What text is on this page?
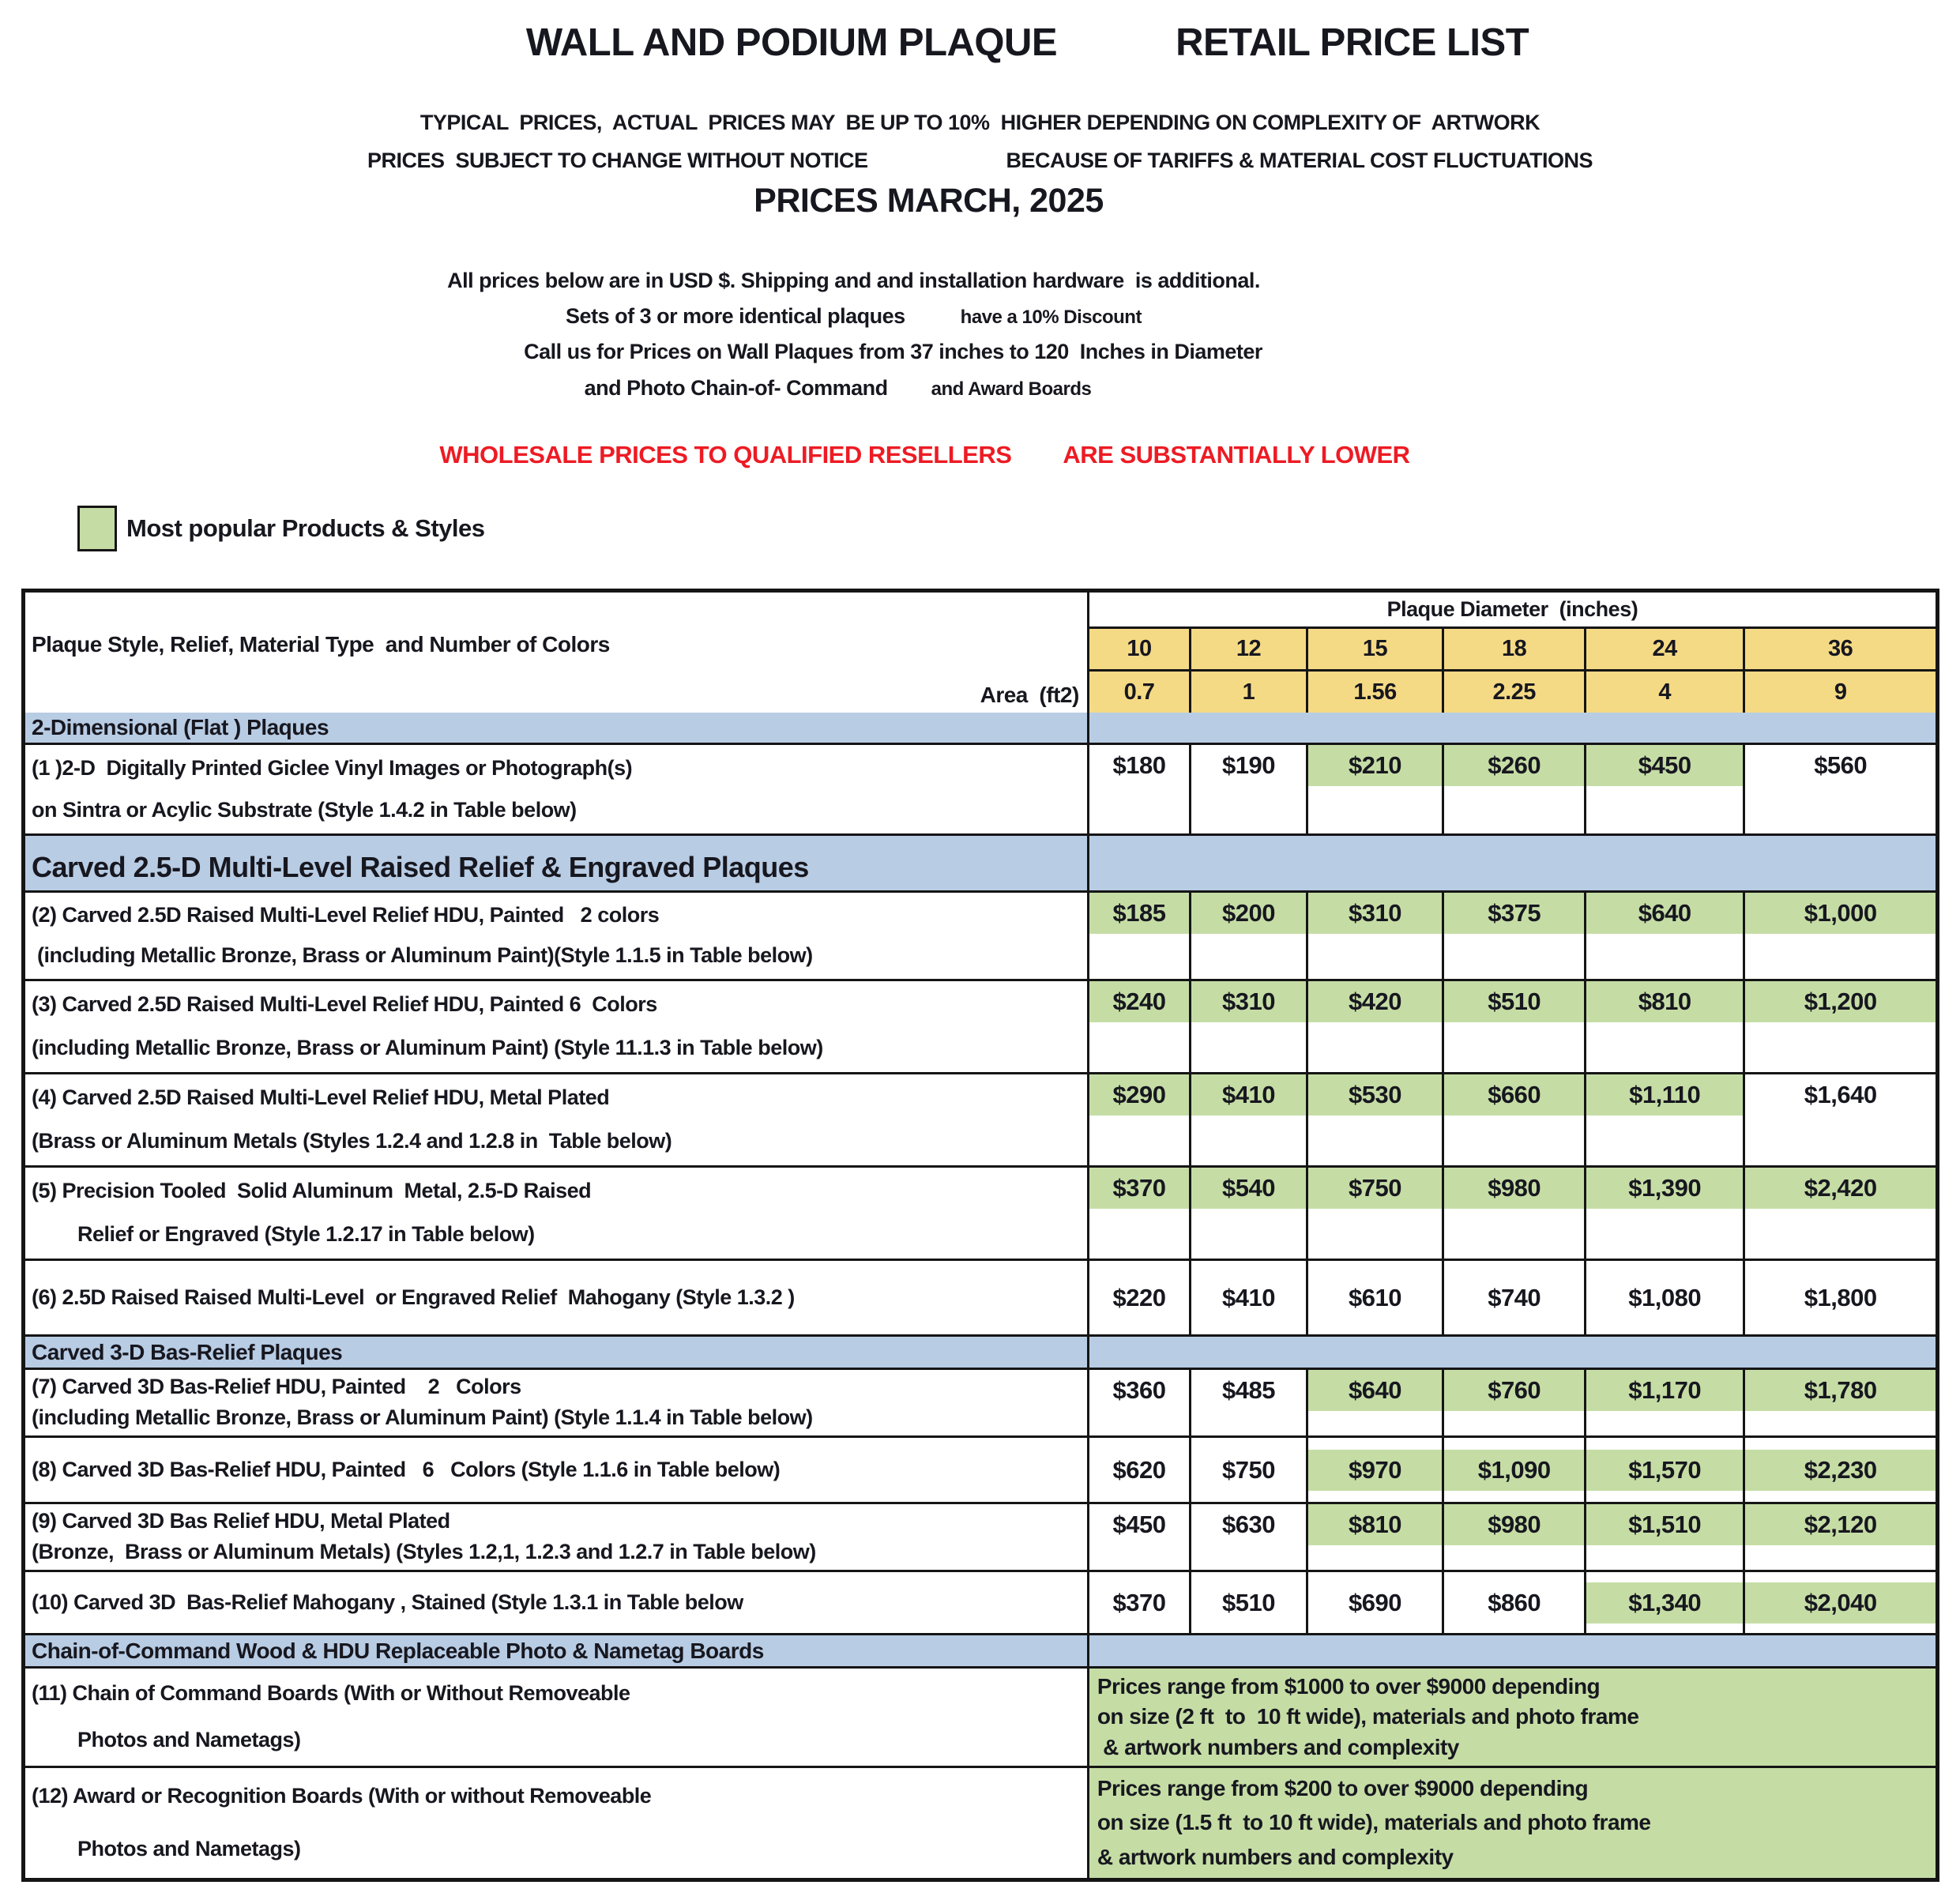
WALL AND PODIUM PLAQUE	RETAIL PRICE LIST
TYPICAL  PRICES,  ACTUAL  PRICES MAY  BE UP TO 10%  HIGHER DEPENDING ON COMPLEXITY OF  ARTWORK
PRICES  SUBJECT TO CHANGE WITHOUT NOTICE	BECAUSE OF TARIFFS & MATERIAL COST FLUCTUATIONS
PRICES MARCH, 2025
All prices below are in USD $. Shipping and and installation hardware  is additional.
Sets of 3 or more identical plaques	have a 10% Discount
Call us for Prices on Wall Plaques from 37 inches to 120  Inches in Diameter
and Photo Chain-of- Command and Award Boards
WHOLESALE PRICES TO QUALIFIED RESELLERS ARE SUBSTANTIALLY LOWER
Most popular Products & Styles
Plaque Style, Relief, Material Type  and Number of Colors
Area  (ft2)
Plaque Diameter  (inches)
10	12	15	18	24	36
0.7	1	1.56	2.25	4	9
2-Dimensional (Flat ) Plaques
(1 )2-D  Digitally Printed Giclee Vinyl Images or Photograph(s)
on Sintra or Acylic Substrate (Style 1.4.2 in Table below)
$180 $190	$210	$260	$450	$560
Carved 2.5-D Multi-Level Raised Relief & Engraved Plaques
(2) Carved 2.5D Raised Multi-Level Relief HDU, Painted   2 colors
(including Metallic Bronze, Brass or Aluminum Paint)(Style 1.1.5 in Table below)
$185 $200	$310	$375	$640	$1,000
(3) Carved 2.5D Raised Multi-Level Relief HDU, Painted 6  Colors
(including Metallic Bronze, Brass or Aluminum Paint) (Style 11.1.3 in Table below)
$240 $310	$420	$510	$810	$1,200
(4) Carved 2.5D Raised Multi-Level Relief HDU, Metal Plated
(Brass or Aluminum Metals (Styles 1.2.4 and 1.2.8 in  Table below)
$290 $410	$530	$660	$1,110	$1,640
(5) Precision Tooled  Solid Aluminum  Metal, 2.5-D Raised
Relief or Engraved (Style 1.2.17 in Table below)
$370 $540	$750	$980	$1,390	$2,420
(6) 2.5D Raised Raised Multi-Level  or Engraved Relief  Mahogany (Style 1.3.2 )	$220 $410	$610	$740	$1,080	$1,800
Carved 3-D Bas-Relief Plaques
(7) Carved 3D Bas-Relief HDU, Painted    2   Colors
(including Metallic Bronze, Brass or Aluminum Paint) (Style 1.1.4 in Table below)
$360 $485	$640	$760	$1,170	$1,780
(8) Carved 3D Bas-Relief HDU, Painted   6   Colors (Style 1.1.6 in Table below)	$620 $750	$970	$1,090	$1,570	$2,230
(9) Carved 3D Bas Relief HDU, Metal Plated
(Bronze,  Brass or Aluminum Metals) (Styles 1.2,1, 1.2.3 and 1.2.7 in Table below)
$450 $630	$810	$980	$1,510	$2,120
(10) Carved 3D  Bas-Relief Mahogany , Stained (Style 1.3.1 in Table below	$370 $510	$690	$860	$1,340	$2,040
Chain-of-Command Wood & HDU Replaceable Photo & Nametag Boards
(11) Chain of Command Boards (With or Without Removeable
Photos and Nametags)
Prices range from $1000 to over $9000 depending
on size (2 ft  to  10 ft wide), materials and photo frame
& artwork numbers and complexity
(12) Award or Recognition Boards (With or without Removeable
Photos and Nametags)
Prices range from $200 to over $9000 depending
on size (1.5 ft  to 10 ft wide), materials and photo frame
& artwork numbers and complexity
